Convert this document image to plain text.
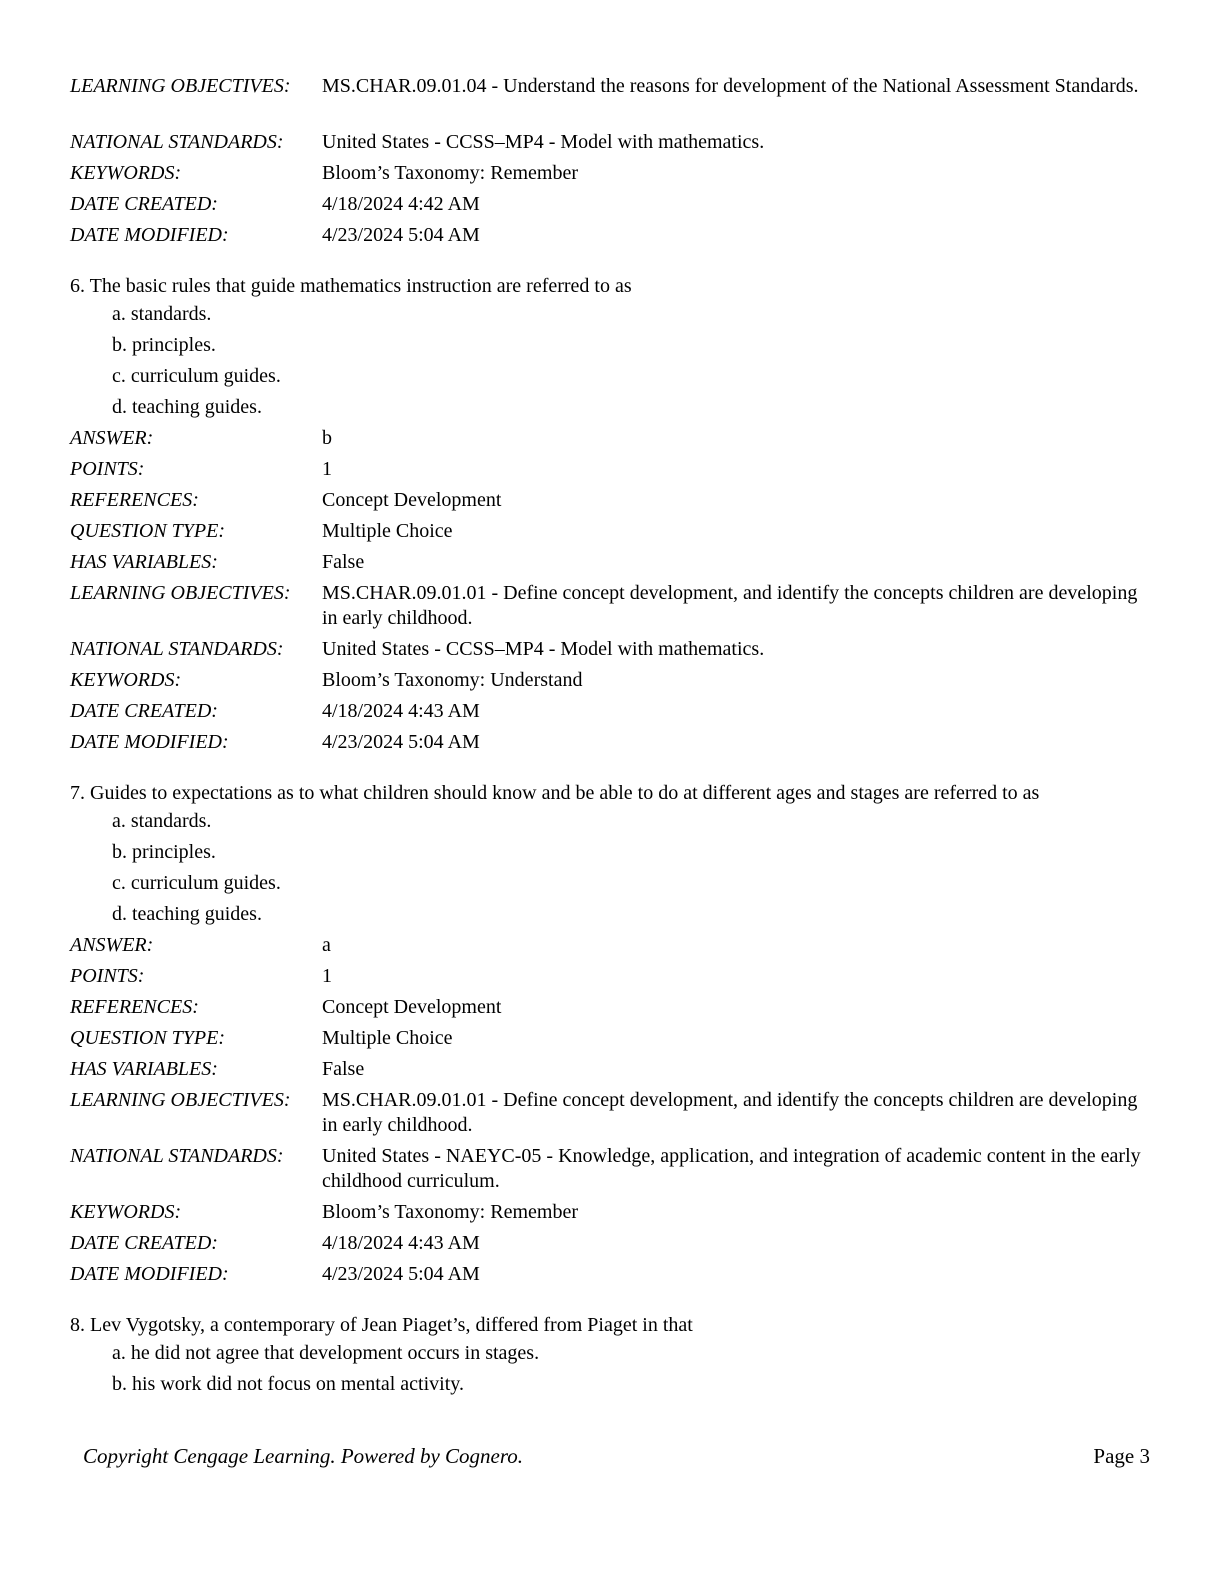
LEARNING OBJECTIVES:	MS.CHAR.09.01.04 - Understand the reasons for development of the National Assessment Standards.
NATIONAL STANDARDS:	United States - CCSS–MP4 - Model with mathematics.
KEYWORDS:	Bloom’s Taxonomy: Remember
DATE CREATED:	4/18/2024 4:42 AM
DATE MODIFIED:	4/23/2024 5:04 AM
6. The basic rules that guide mathematics instruction are referred to as
a. standards.
b. principles.
c. curriculum guides.
d. teaching guides.
ANSWER:	b
POINTS:	1
REFERENCES:	Concept Development
QUESTION TYPE:	Multiple Choice
HAS VARIABLES:	False
LEARNING OBJECTIVES:	MS.CHAR.09.01.01 - Define concept development, and identify the concepts children are developing in early childhood.
NATIONAL STANDARDS:	United States - CCSS–MP4 - Model with mathematics.
KEYWORDS:	Bloom’s Taxonomy: Understand
DATE CREATED:	4/18/2024 4:43 AM
DATE MODIFIED:	4/23/2024 5:04 AM
7. Guides to expectations as to what children should know and be able to do at different ages and stages are referred to as
a. standards.
b. principles.
c. curriculum guides.
d. teaching guides.
ANSWER:	a
POINTS:	1
REFERENCES:	Concept Development
QUESTION TYPE:	Multiple Choice
HAS VARIABLES:	False
LEARNING OBJECTIVES:	MS.CHAR.09.01.01 - Define concept development, and identify the concepts children are developing in early childhood.
NATIONAL STANDARDS:	United States - NAEYC-05 - Knowledge, application, and integration of academic content in the early childhood curriculum.
KEYWORDS:	Bloom’s Taxonomy: Remember
DATE CREATED:	4/18/2024 4:43 AM
DATE MODIFIED:	4/23/2024 5:04 AM
8. Lev Vygotsky, a contemporary of Jean Piaget’s, differed from Piaget in that
a. he did not agree that development occurs in stages.
b. his work did not focus on mental activity.
Copyright Cengage Learning. Powered by Cognero.	Page 3
